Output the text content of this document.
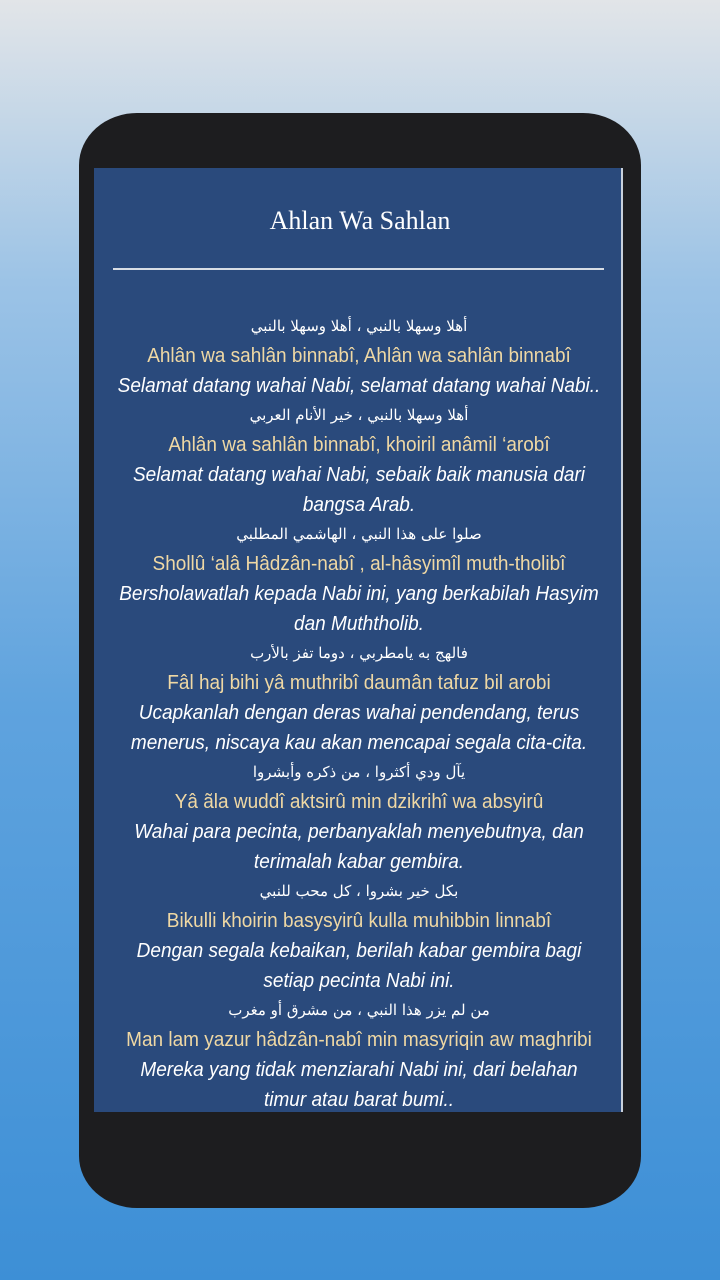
Ahlan Wa Sahlan
أهلا وسهلا بالنبي ، أهلا وسهلا بالنبي
Ahlân wa sahlân binnabî, Ahlân wa sahlân binnabî
Selamat datang wahai Nabi, selamat datang wahai Nabi..
أهلا وسهلا بالنبي ، خير الأنام العربي
Ahlân wa sahlân binnabî, khoiril anâmil ‘arobî
Selamat datang wahai Nabi, sebaik baik manusia dari bangsa Arab.
صلوا على هذا النبي ، الهاشمي المطلبي
Shollû ‘alâ Hâdzân-nabî , al-hâsyimîl muth-tholibî
Bersholawatlah kepada Nabi ini, yang berkabilah Hasyim dan Muththolib.
فالهج به يامطربي ، دوما تفز بالأرب
Fâl haj bihi yâ muthribî daumân tafuz bil arobi
Ucapkanlah dengan deras wahai pendendang, terus menerus, niscaya kau akan mencapai segala cita-cita.
يآل ودي أكثروا ، من ذكره وأبشروا
Yâ ãla wuddî aktsirû min dzikrihî wa absyirû
Wahai para pecinta, perbanyaklah menyebutnya, dan terimalah kabar gembira.
بكل خير بشروا ، كل محب للنبي
Bikulli khoirin basysyirû kulla muhibbin linnabî
Dengan segala kebaikan, berilah kabar gembira bagi setiap pecinta Nabi ini.
من لم يزر هذا النبي ، من مشرق أو مغرب
Man lam yazur hâdzân-nabî min masyriqin aw maghribi
Mereka yang tidak menziarahi Nabi ini, dari belahan timur atau barat bumi..
